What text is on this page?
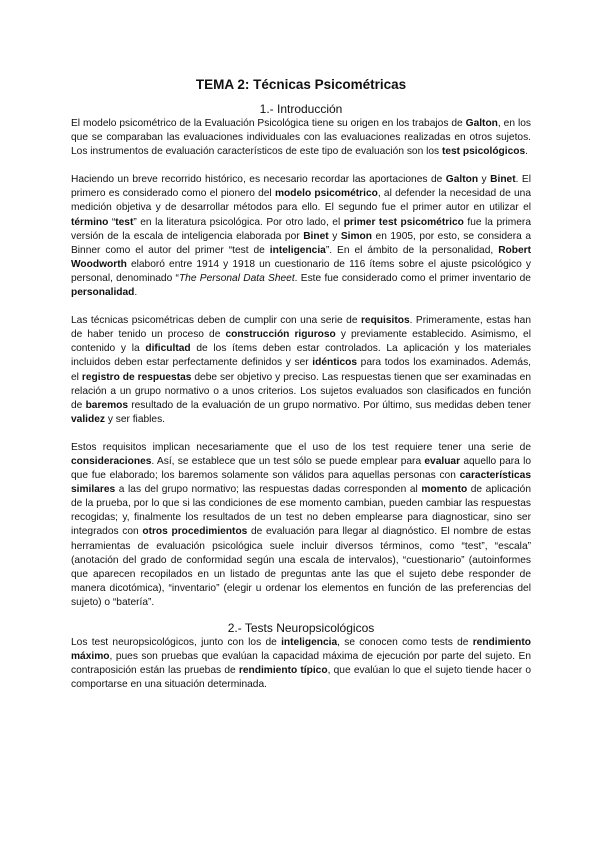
TEMA 2: Técnicas Psicométricas
1.- Introducción

El modelo psicométrico de la Evaluación Psicológica tiene su origen en los trabajos de Galton, en los que se comparaban las evaluaciones individuales con las evaluaciones realizadas en otros sujetos. Los instrumentos de evaluación característicos de este tipo de evaluación son los test psicológicos.

Haciendo un breve recorrido histórico, es necesario recordar las aportaciones de Galton y Binet. El primero es considerado como el pionero del modelo psicométrico, al defender la necesidad de una medición objetiva y de desarrollar métodos para ello. El segundo fue el primer autor en utilizar el término “test” en la literatura psicológica. Por otro lado, el primer test psicométrico fue la primera versión de la escala de inteligencia elaborada por Binet y Simon en 1905, por esto, se considera a Binner como el autor del primer “test de inteligencia”. En el ámbito de la personalidad, Robert Woodworth elaboró entre 1914 y 1918 un cuestionario de 116 ítems sobre el ajuste psicológico y personal, denominado “The Personal Data Sheet. Este fue considerado como el primer inventario de personalidad.

Las técnicas psicométricas deben de cumplir con una serie de requisitos. Primeramente, estas han de haber tenido un proceso de construcción riguroso y previamente establecido. Asimismo, el contenido y la dificultad de los ítems deben estar controlados. La aplicación y los materiales incluidos deben estar perfectamente definidos y ser idénticos para todos los examinados. Además, el registro de respuestas debe ser objetivo y preciso. Las respuestas tienen que ser examinadas en relación a un grupo normativo o a unos criterios. Los sujetos evaluados son clasificados en función de baremos resultado de la evaluación de un grupo normativo. Por último, sus medidas deben tener validez y ser fiables.

Estos requisitos implican necesariamente que el uso de los test requiere tener una serie de consideraciones. Así, se establece que un test sólo se puede emplear para evaluar aquello para lo que fue elaborado; los baremos solamente son válidos para aquellas personas con características similares a las del grupo normativo; las respuestas dadas corresponden al momento de aplicación de la prueba, por lo que si las condiciones de ese momento cambian, pueden cambiar las respuestas recogidas; y, finalmente los resultados de un test no deben emplearse para diagnosticar, sino ser integrados con otros procedimientos de evaluación para llegar al diagnóstico. El nombre de estas herramientas de evaluación psicológica suele incluir diversos términos, como “test”, “escala” (anotación del grado de conformidad según una escala de intervalos), “cuestionario” (autoinformes que aparecen recopilados en un listado de preguntas ante las que el sujeto debe responder de manera dicotómica), “inventario” (elegir u ordenar los elementos en función de las preferencias del sujeto) o “batería”.

2.- Tests Neuropsicológicos

Los test neuropsicológicos, junto con los de inteligencia, se conocen como tests de rendimiento máximo, pues son pruebas que evalúan la capacidad máxima de ejecución por parte del sujeto. En contraposición están las pruebas de rendimiento típico, que evalúan lo que el sujeto tiende hacer o comportarse en una situación determinada.
